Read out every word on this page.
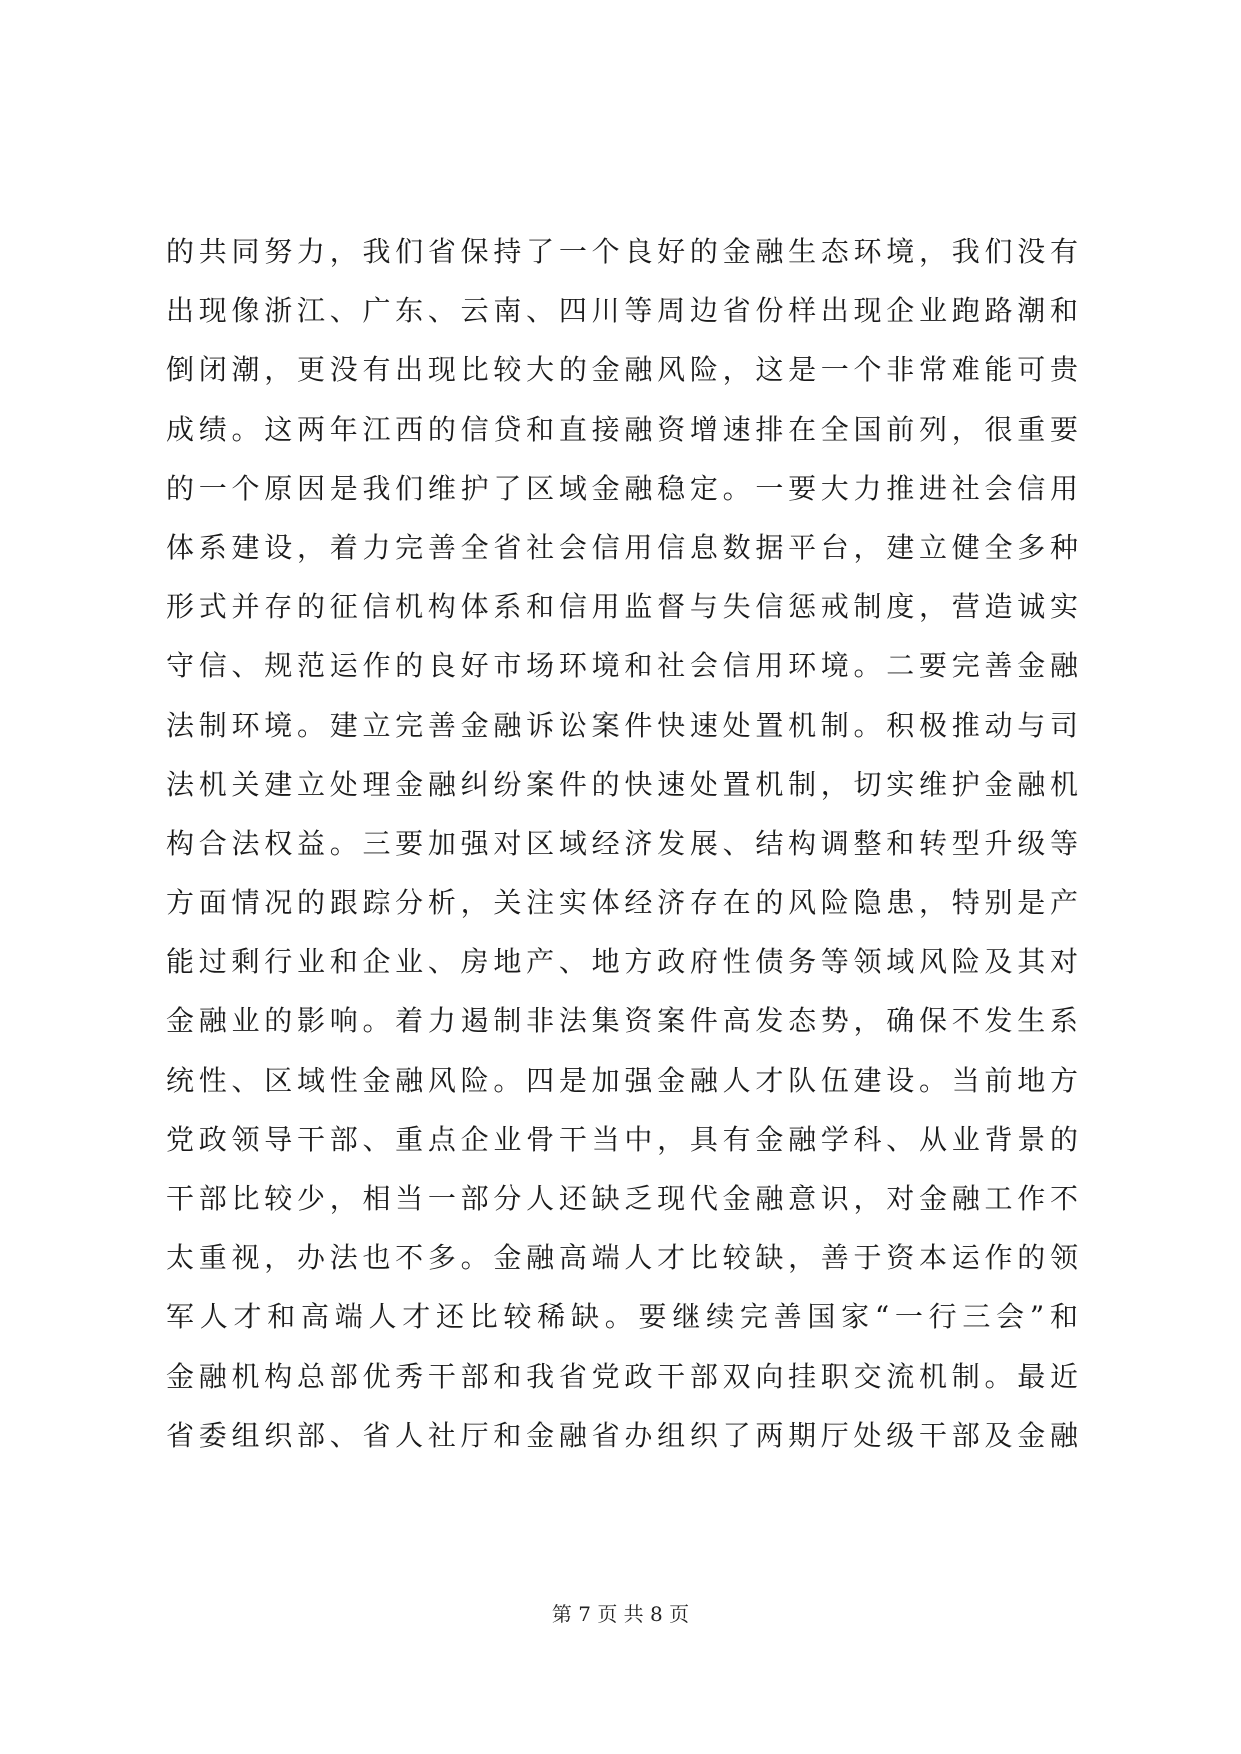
的共同努力，我们省保持了一个良好的金融生态环境，我们没有
出现像浙江、广东、云南、四川等周边省份样出现企业跑路潮和
倒闭潮，更没有出现比较大的金融风险，这是一个非常难能可贵
成绩。这两年江西的信贷和直接融资增速排在全国前列，很重要
的一个原因是我们维护了区域金融稳定。一要大力推进社会信用
体系建设，着力完善全省社会信用信息数据平台，建立健全多种
形式并存的征信机构体系和信用监督与失信惩戒制度，营造诚实
守信、规范运作的良好市场环境和社会信用环境。二要完善金融
法制环境。建立完善金融诉讼案件快速处置机制。积极推动与司
法机关建立处理金融纠纷案件的快速处置机制，切实维护金融机
构合法权益。三要加强对区域经济发展、结构调整和转型升级等
方面情况的跟踪分析，关注实体经济存在的风险隐患，特别是产
能过剩行业和企业、房地产、地方政府性债务等领域风险及其对
金融业的影响。着力遏制非法集资案件高发态势，确保不发生系
统性、区域性金融风险。四是加强金融人才队伍建设。当前地方
党政领导干部、重点企业骨干当中，具有金融学科、从业背景的
干部比较少，相当一部分人还缺乏现代金融意识，对金融工作不
太重视，办法也不多。金融高端人才比较缺，善于资本运作的领
军人才和高端人才还比较稀缺。要继续完善国家“一行三会”和
金融机构总部优秀干部和我省党政干部双向挂职交流机制。最近
省委组织部、省人社厅和金融省办组织了两期厅处级干部及金融
第 7 页 共 8 页
